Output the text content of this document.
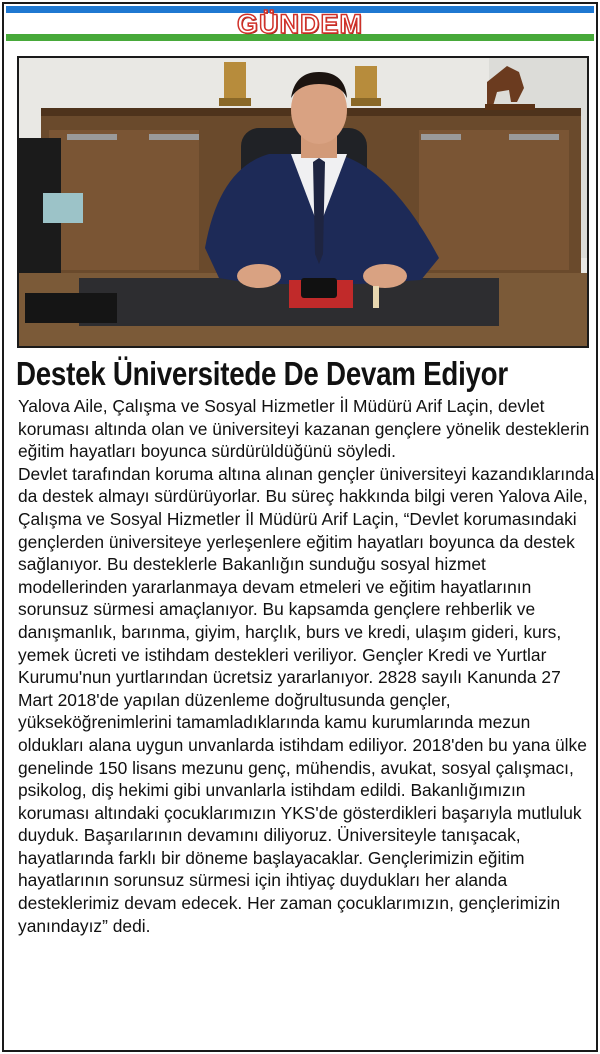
GÜNDEM
Destek Üniversitede De Devam Ediyor

Yalova Aile, Çalışma ve Sosyal Hizmetler İl Müdürü Arif Laçin, devlet koruması altında olan ve üniversiteyi kazanan gençlere yönelik desteklerin eğitim hayatları boyunca sürdürüldüğünü söyledi.

Devlet tarafından koruma altına alınan gençler üniversiteyi kazandıklarında da destek almayı sürdürüyorlar. Bu süreç hakkında bilgi veren Yalova Aile, Çalışma ve Sosyal Hizmetler İl Müdürü Arif Laçin, “Devlet korumasındaki gençlerden üniversiteye yerleşenlere eğitim hayatları boyunca da destek sağlanıyor. Bu desteklerle Bakanlığın sunduğu sosyal hizmet modellerinden yararlanmaya devam etmeleri ve eğitim hayatlarının sorunsuz sürmesi amaçlanıyor. Bu kapsamda gençlere rehberlik ve danışmanlık, barınma, giyim, harçlık, burs ve kredi, ulaşım gideri, kurs, yemek ücreti ve istihdam destekleri veriliyor. Gençler Kredi ve Yurtlar Kurumu'nun yurtlarından ücretsiz yararlanıyor. 2828 sayılı Kanunda 27 Mart 2018'de yapılan düzenleme doğrultusunda gençler, yükseköğrenimlerini tamamladıklarında kamu kurumlarında mezun oldukları alana uygun unvanlarda istihdam ediliyor. 2018'den bu yana ülke genelinde 150 lisans mezunu genç, mühendis, avukat, sosyal çalışmacı, psikolog, diş hekimi gibi unvanlarla istihdam edildi. Bakanlığımızın koruması altındaki çocuklarımızın YKS'de gösterdikleri başarıyla mutluluk duyduk. Başarılarının devamını diliyoruz. Üniversiteyle tanışacak, hayatlarında farklı bir döneme başlayacaklar. Gençlerimizin eğitim hayatlarının sorunsuz sürmesi için ihtiyaç duydukları her alanda desteklerimiz devam edecek. Her zaman çocuklarımızın, gençlerimizin yanındayız” dedi.
